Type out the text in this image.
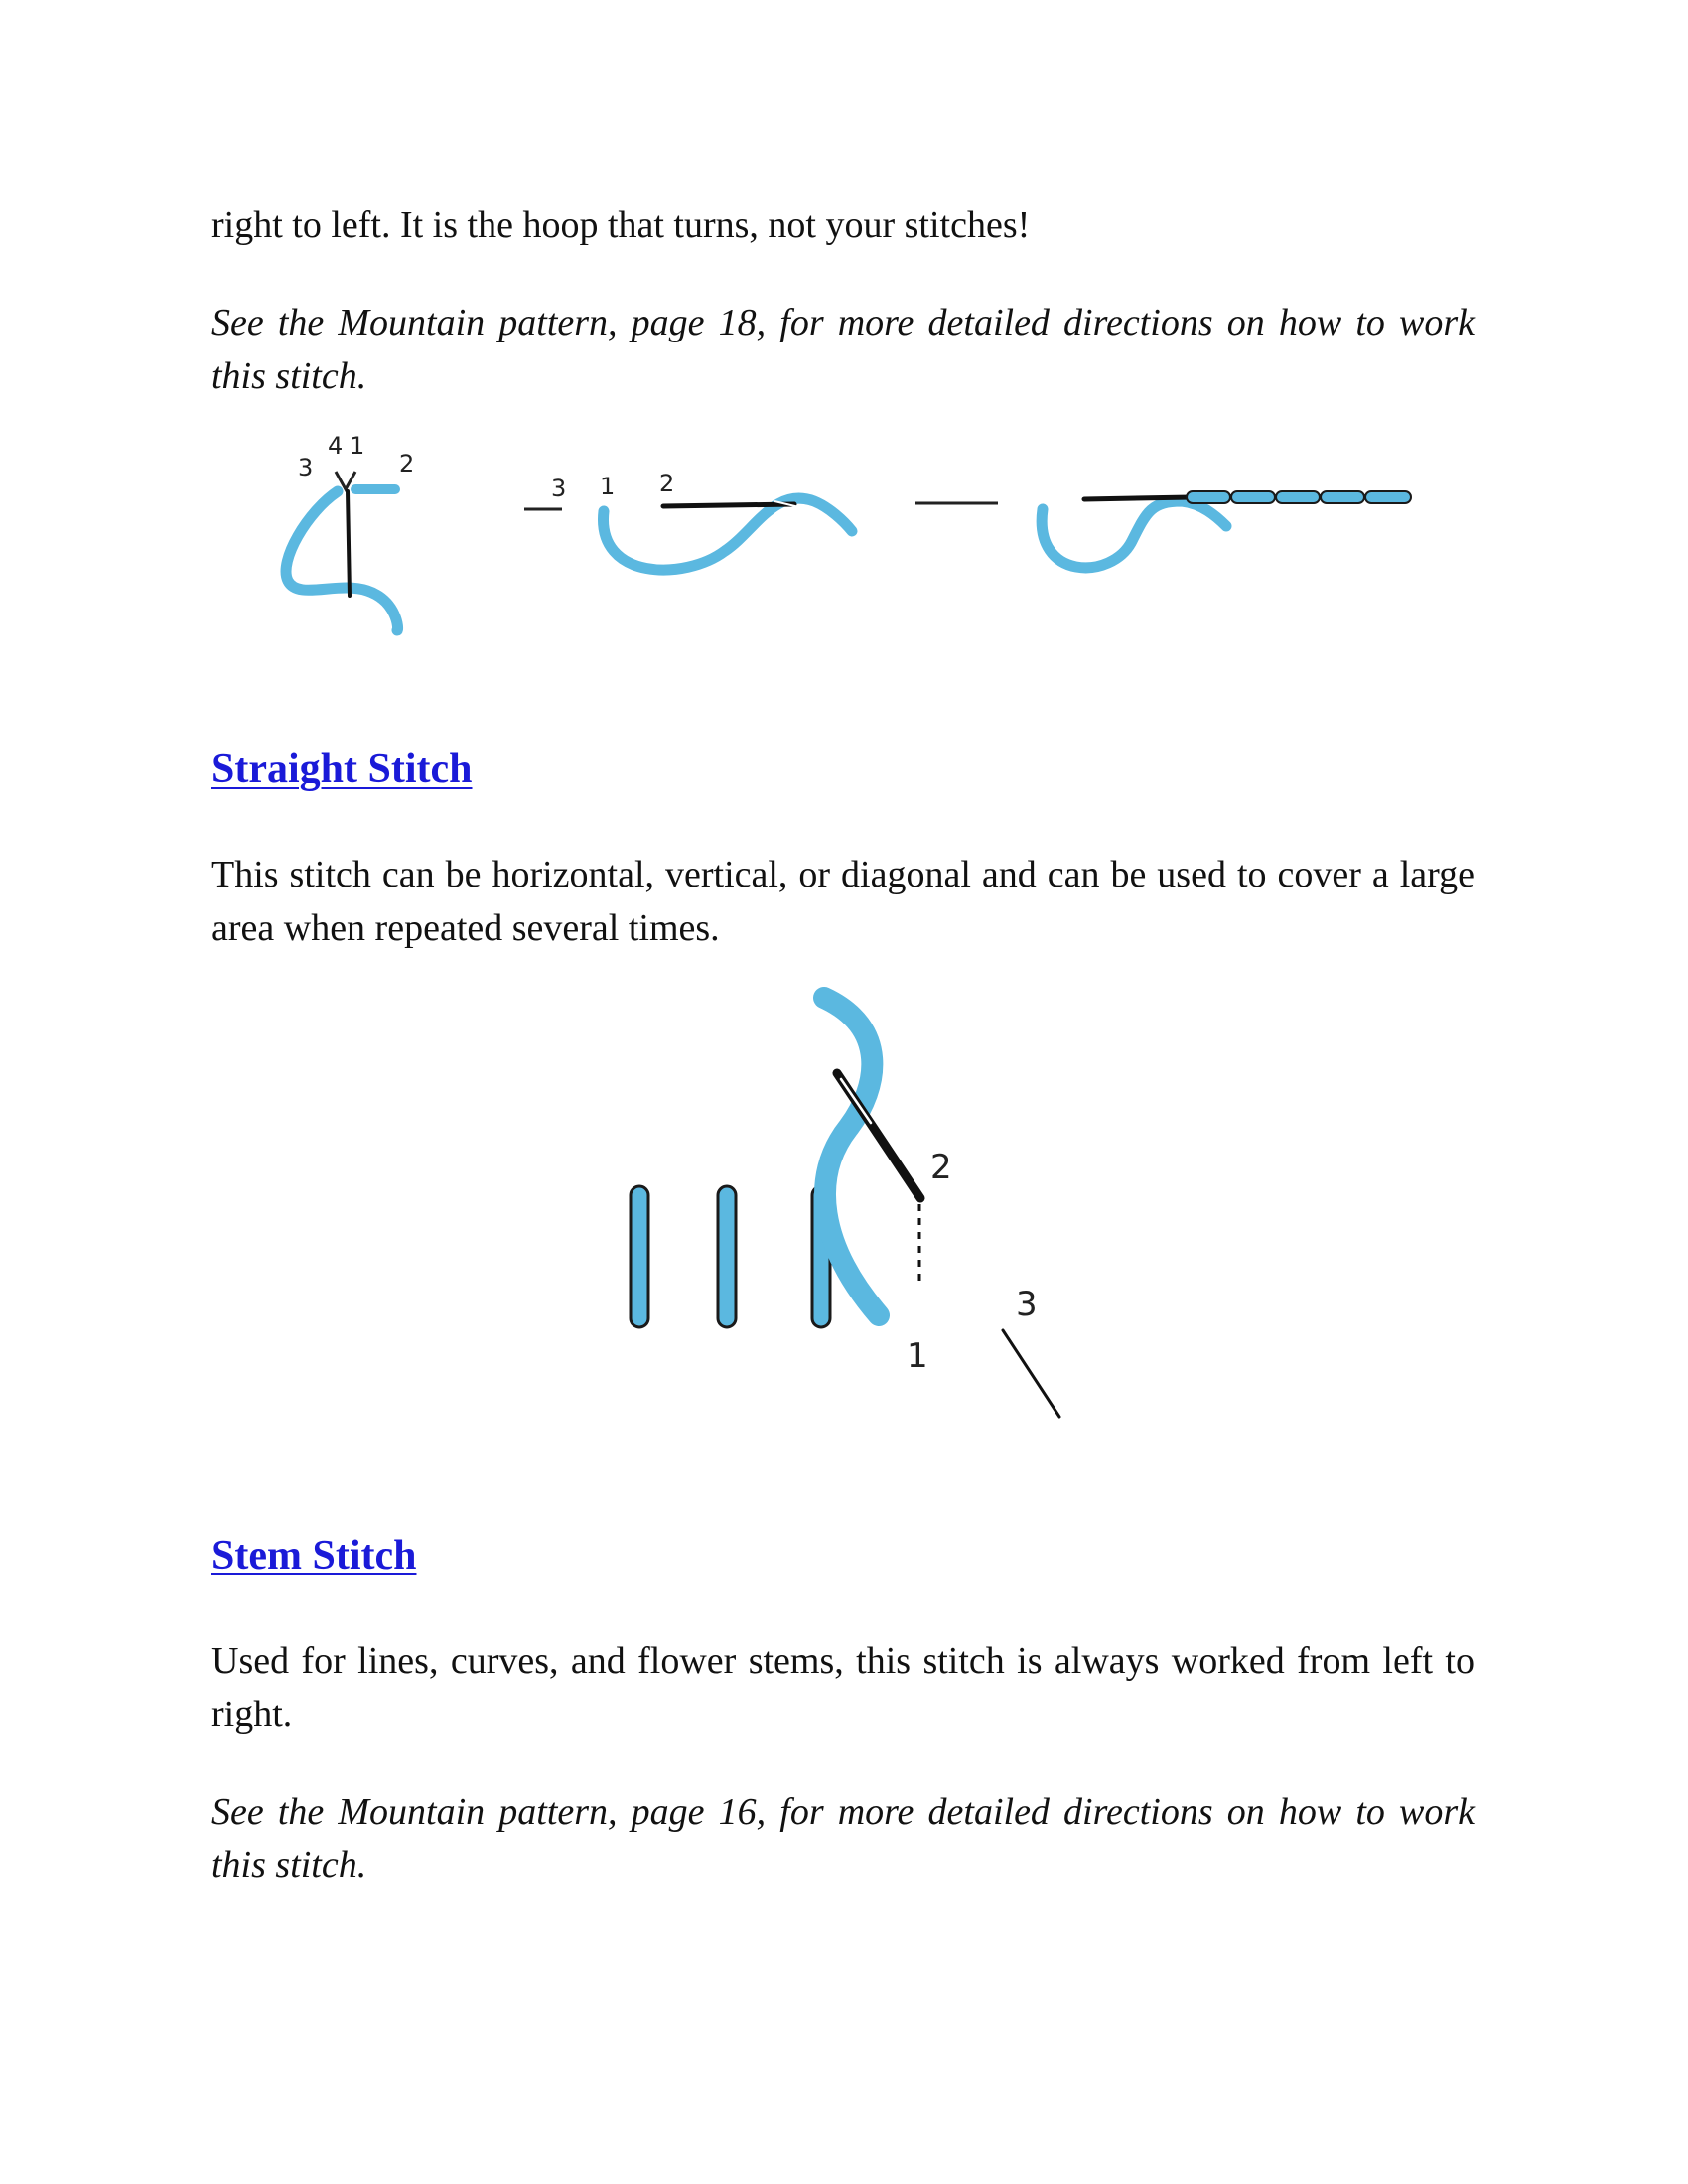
right to left. It is the hoop that turns, not your stitches!

See the Mountain pattern, page 18, for more detailed directions on how to work this stitch.

4 1
3	2
3 1 2
Straight Stitch

This stitch can be horizontal, vertical, or diagonal and can be used to cover a large area when repeated several times.

2
3
1
Stem Stitch

Used for lines, curves, and flower stems, this stitch is always worked from left to right.

See the Mountain pattern, page 16, for more detailed directions on how to work this stitch.
